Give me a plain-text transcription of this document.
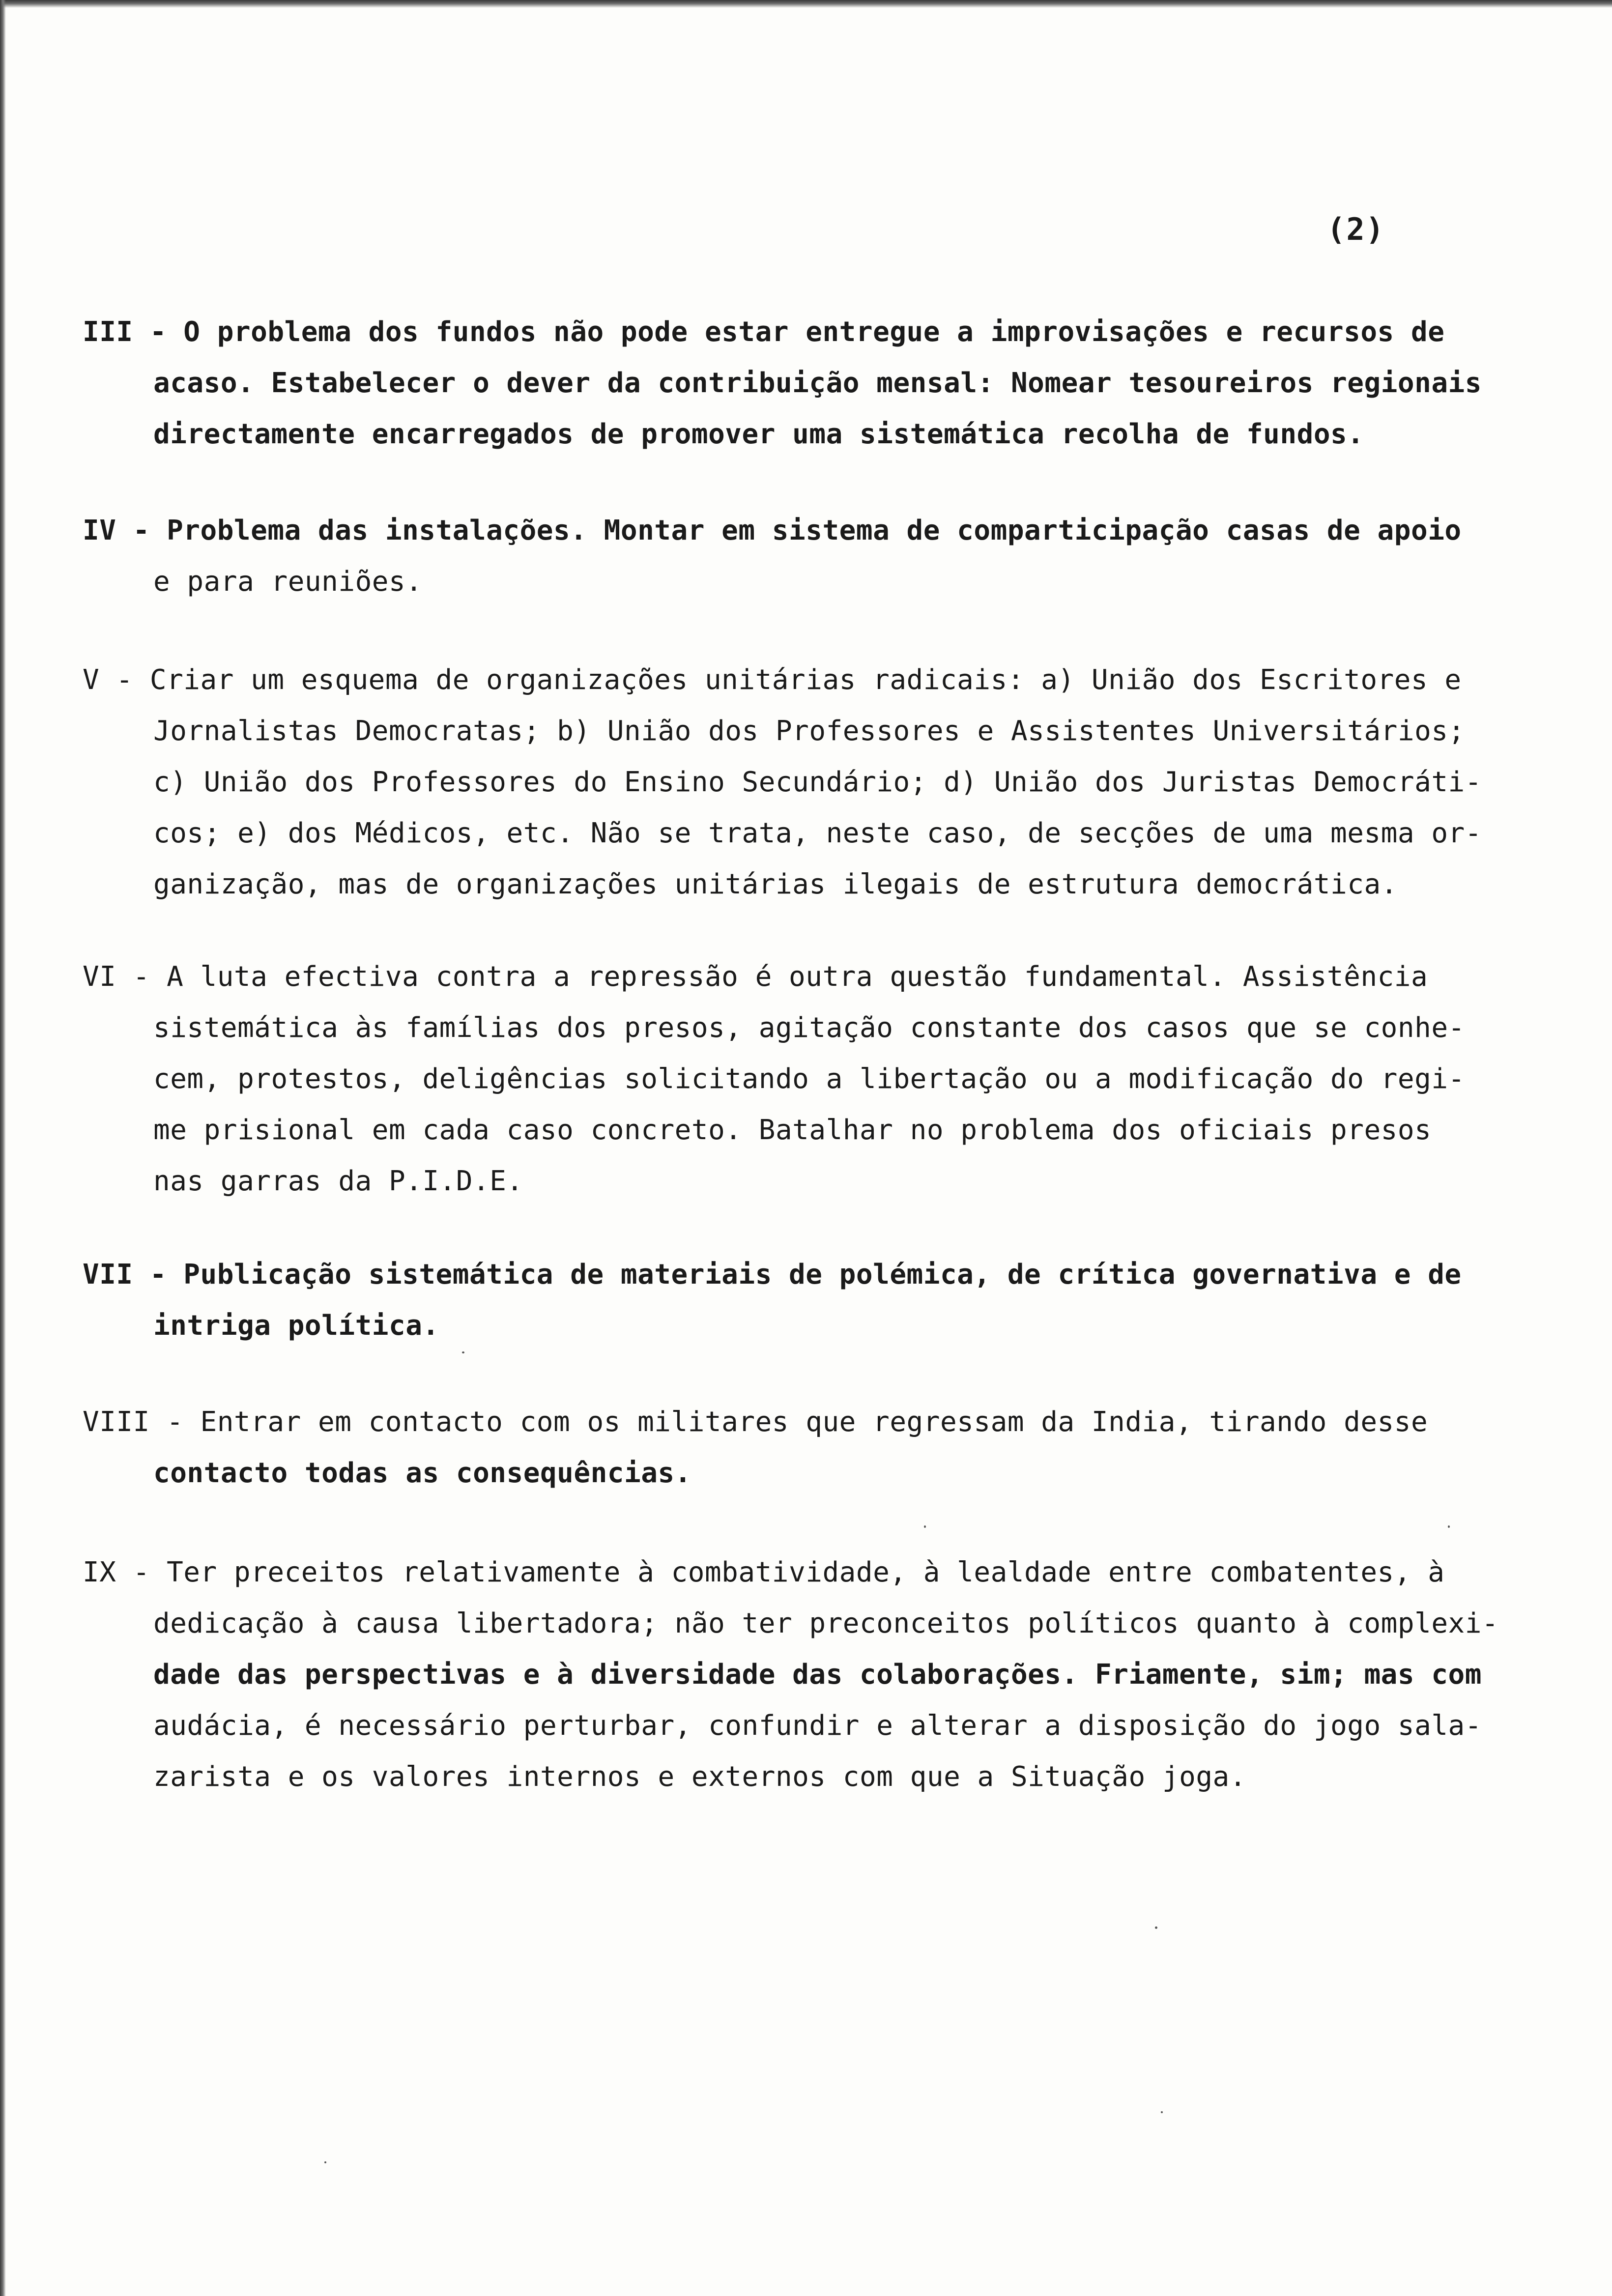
(2)
III - O problema dos fundos não pode estar entregue a improvisações e recursos de
acaso. Estabelecer o dever da contribuição mensal: Nomear tesoureiros regionais
directamente encarregados de promover uma sistemática recolha de fundos.
IV - Problema das instalações. Montar em sistema de comparticipação casas de apoio
e para reuniões.
V - Criar um esquema de organizações unitárias radicais: a) União dos Escritores e
Jornalistas Democratas; b) União dos Professores e Assistentes Universitários;
c) União dos Professores do Ensino Secundário; d) União dos Juristas Democráti-
cos; e) dos Médicos, etc. Não se trata, neste caso, de secções de uma mesma or-
ganização, mas de organizações unitárias ilegais de estrutura democrática.
VI - A luta efectiva contra a repressão é outra questão fundamental. Assistência
sistemática às famílias dos presos, agitação constante dos casos que se conhe-
cem, protestos, deligências solicitando a libertação ou a modificação do regi-
me prisional em cada caso concreto. Batalhar no problema dos oficiais presos
nas garras da P.I.D.E.
VII - Publicação sistemática de materiais de polémica, de crítica governativa e de
intriga política.
VIII - Entrar em contacto com os militares que regressam da India, tirando desse
contacto todas as consequências.
IX - Ter preceitos relativamente à combatividade, à lealdade entre combatentes, à
dedicação à causa libertadora; não ter preconceitos políticos quanto à complexi-
dade das perspectivas e à diversidade das colaborações. Friamente, sim; mas com
audácia, é necessário perturbar, confundir e alterar a disposição do jogo sala-
zarista e os valores internos e externos com que a Situação joga.
